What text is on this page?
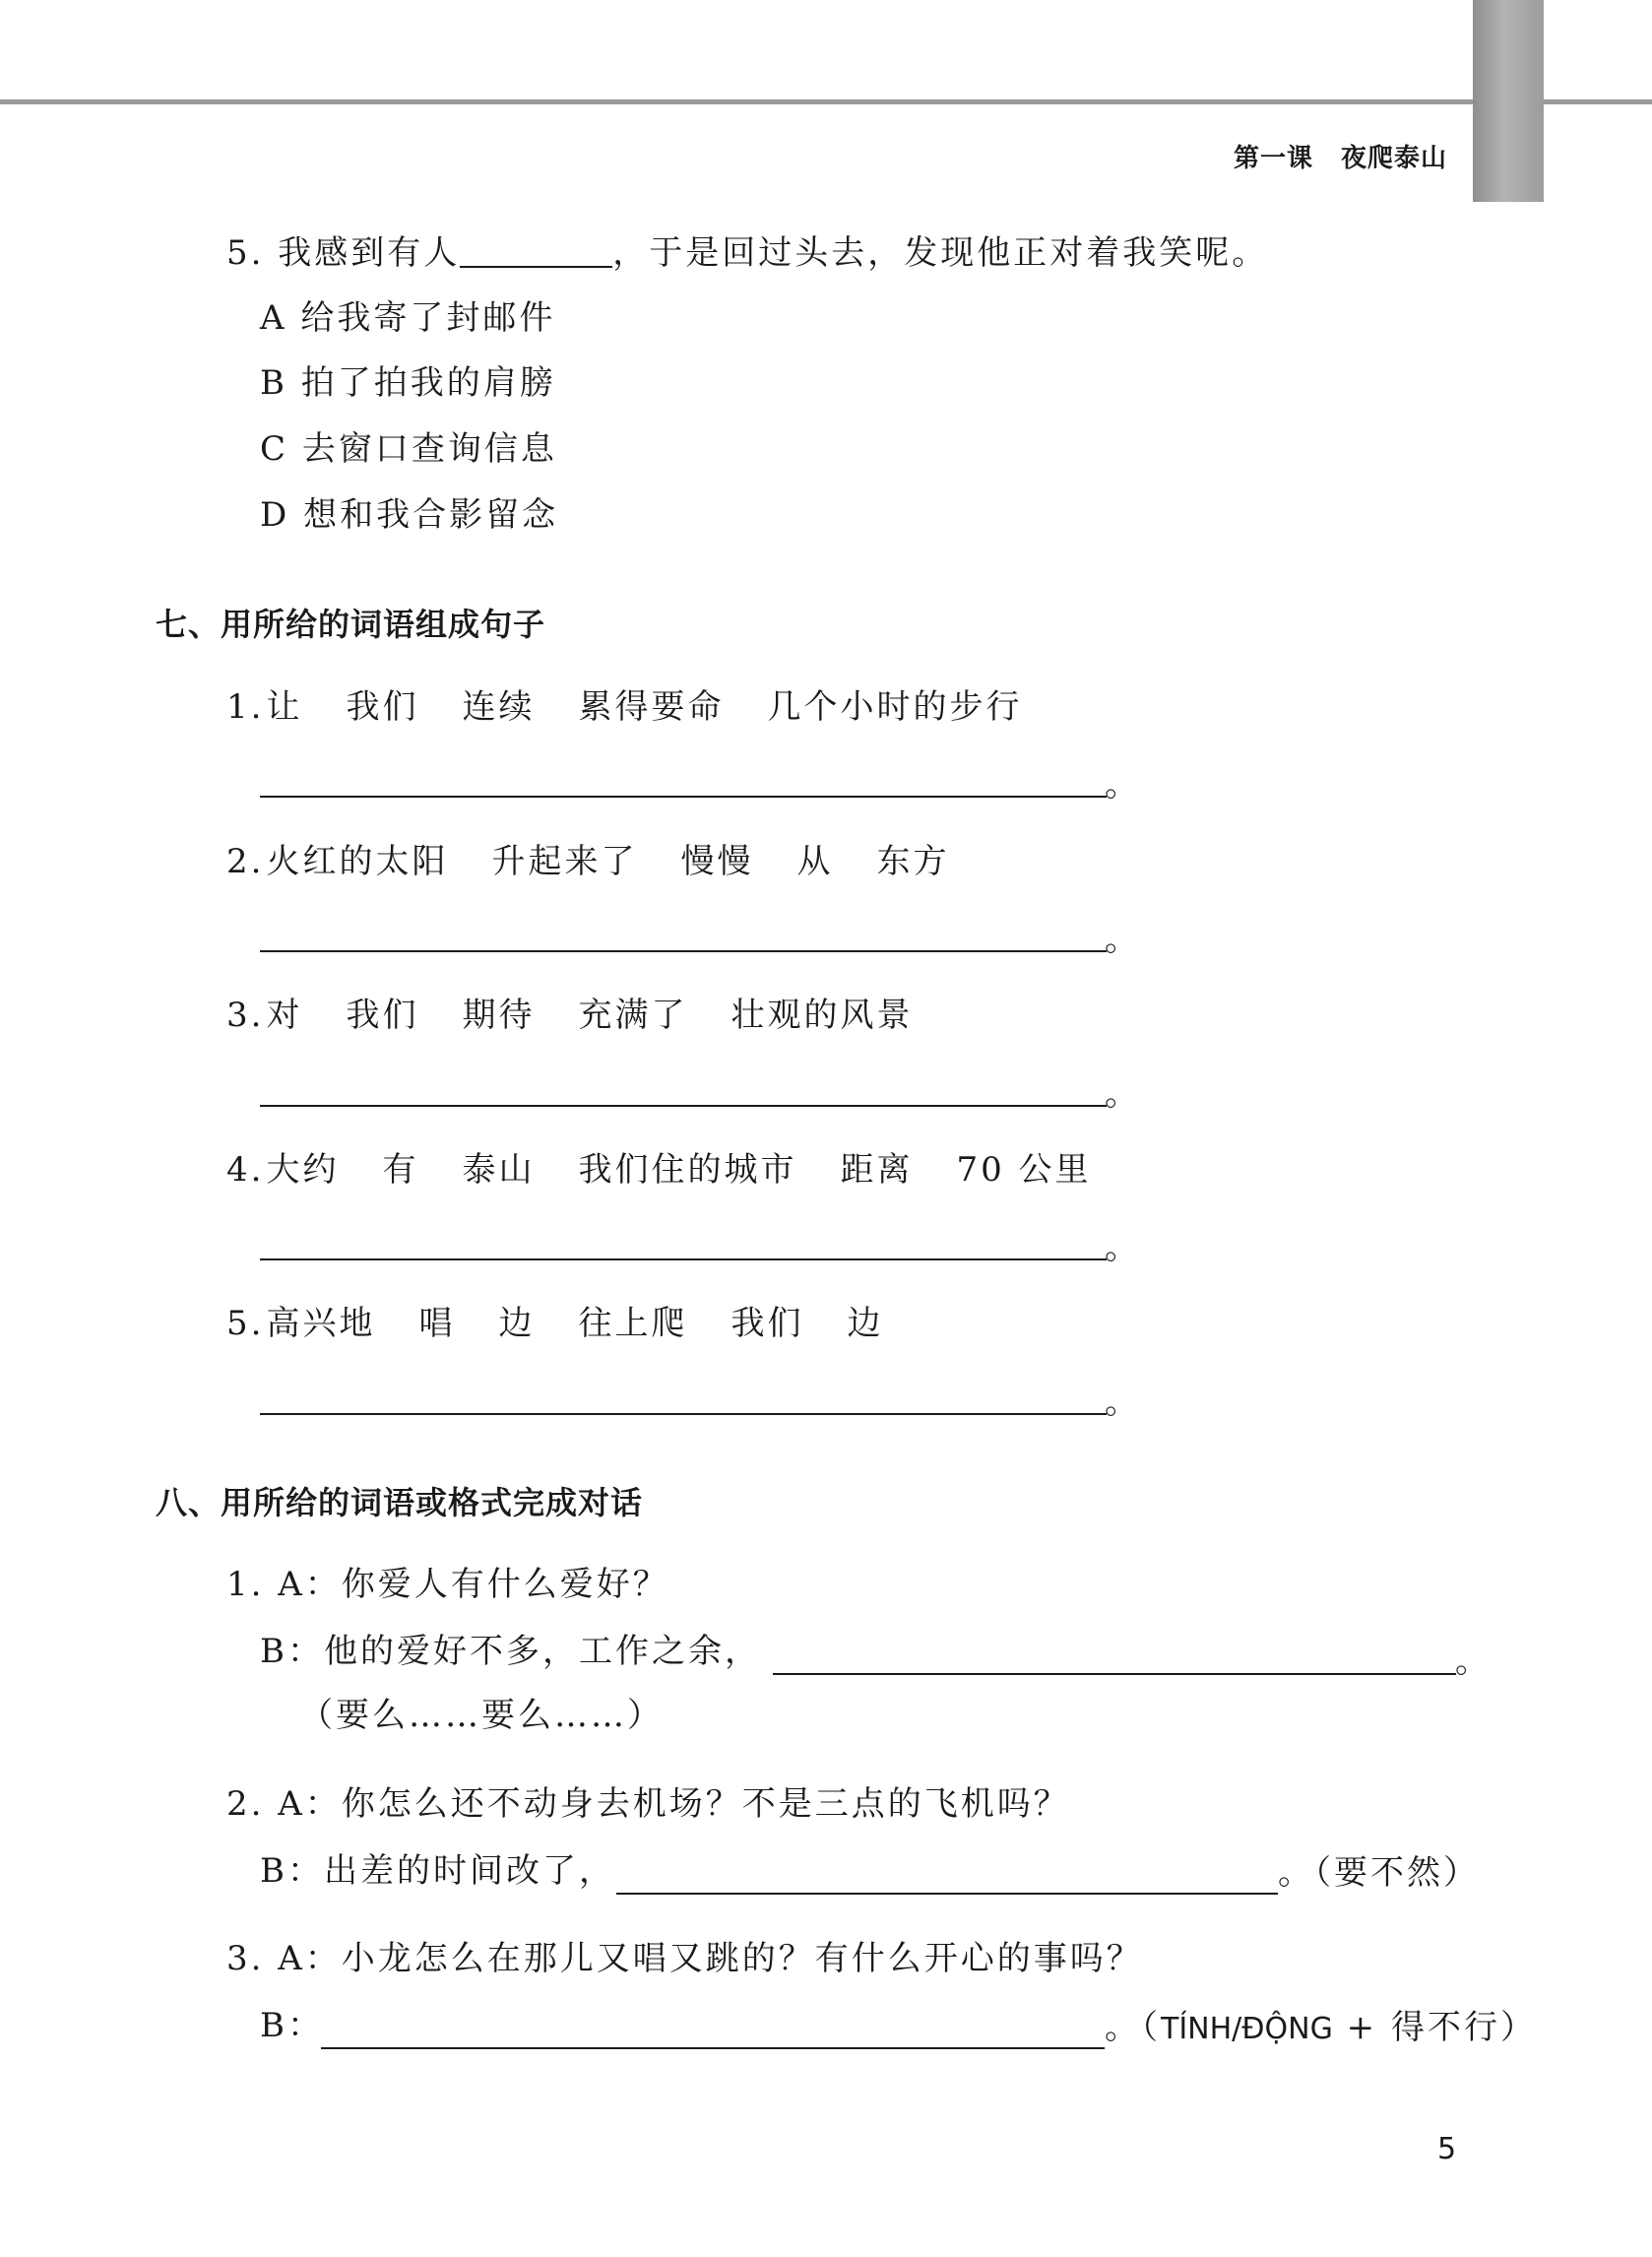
第一课 夜爬泰山
5. 我感到有人	，于是回过头去，发现他正对着我笑呢。
A 给我寄了封邮件
B 拍了拍我的肩膀
C 去窗口查询信息
D 想和我合影留念
七、用所给的词语组成句子
1.让 我们 连续 累得要命 几个小时的步行
。
2.火红的太阳 升起来了 慢慢 从 东方
。
3.对 我们 期待 充满了 壮观的风景
。
4.大约 有 泰山 我们住的城市 距离 70 公里
。
5.高兴地 唱 边 往上爬 我们 边
。
八、用所给的词语或格式完成对话
1. A：你爱人有什么爱好？
B：他的爱好不多，工作之余，	。
（要么……要么……）
2. A：你怎么还不动身去机场？不是三点的飞机吗？
B：出差的时间改了，	。（要不然）
3. A：小龙怎么在那儿又唱又跳的？有什么开心的事吗？
B：	。（TÍNH/ĐỘNG + 得不行）
5
